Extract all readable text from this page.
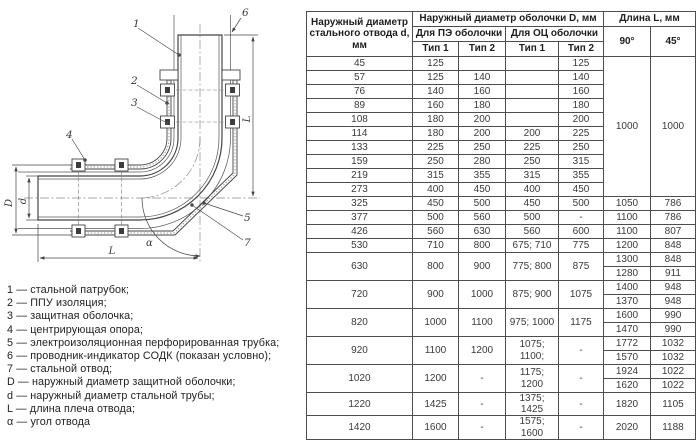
L
L
D d
α
1
2
3
4
5
6
7
1 — стальной патрубок;
2 — ППУ изоляция;
3 — защитная оболочка;
4 — центрирующая опора;
5 — электроизоляционная перфорированная трубка;
6 — проводник-индикатор СОДК (показан условно);
7 — стальной отвод;
D — наружный диаметр защитной оболочки;
d — наружный диаметр стальной трубы;
L — длина плеча отвода;
α — угол отвода
Наружный диаметр стального отвода d, мм	Наружный диаметр оболочки D, мм				Длина L, мм	
	Для ПЭ оболочки		Для ОЦ оболочки		90°	45°
	Тип 1	Тип 2	Тип 1	Тип 2		
45	125			125	1000	1000
57	125	140		140		
76	140	160		160		
89	160	180		180		
108	180	200		200		
114	180	200	200	225		
133	225	250	225	250		
159	250	280	250	315		
219	315	355	315	355		
273	400	450	400	450		
325	450	500	450	500	1050	786
377	500	560	500	-	1100	786
426	560	630	560	600	1100	807
530	710	800	675; 710	775	1200	848
630	800	900	775; 800	875	1300	848
					1280	911
720	900	1000	875; 900	1075	1400	948
					1370	948
820	1000	1100	975; 1000	1175	1600	990
					1470	990
920	1100	1200	1075; 1100;	-	1772	1032
					1570	1032
1020	1200	-	1175; 1200	-	1924	1022
					1620	1022
1220	1425	-	1375; 1425	-	1820	1105
1420	1600	-	1575; 1600	-	2020	1188
